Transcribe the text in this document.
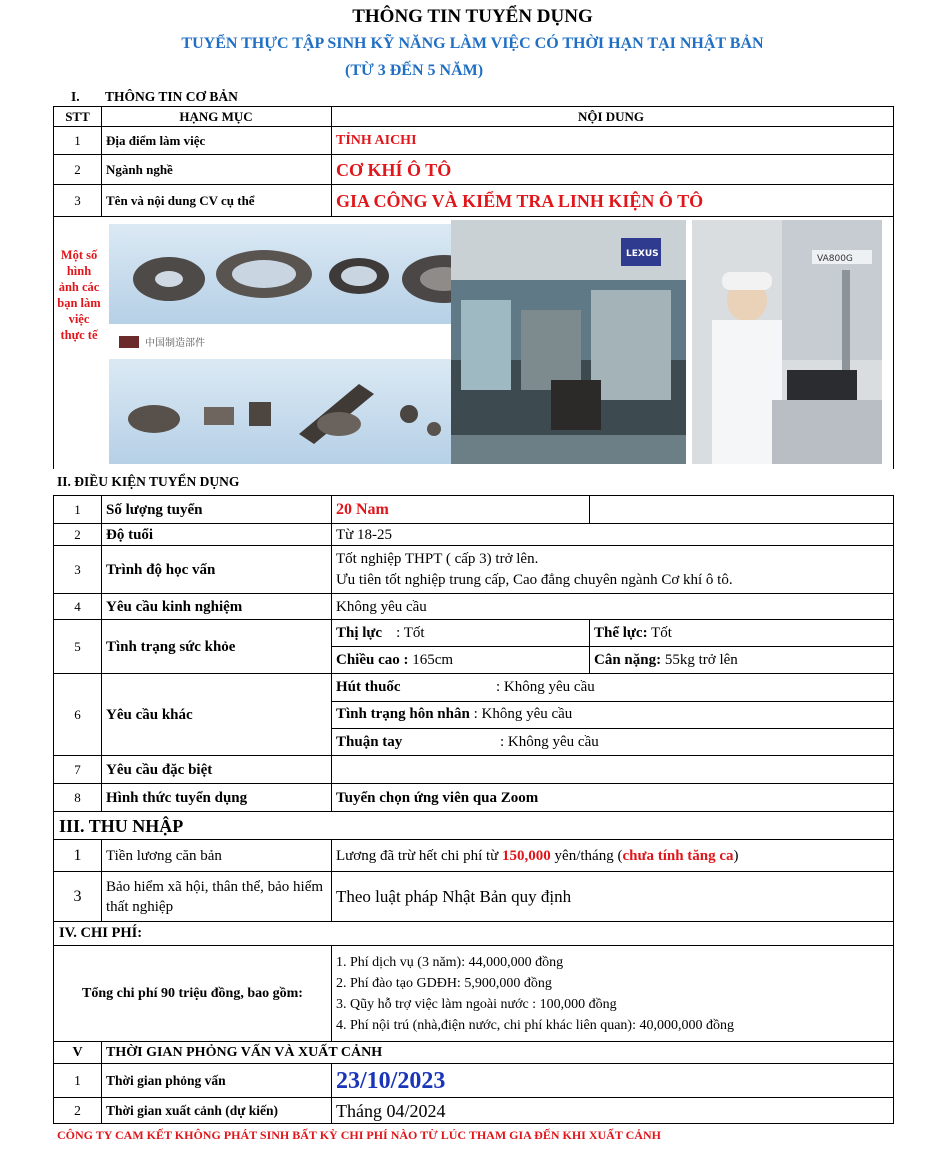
THÔNG TIN TUYỂN DỤNG
TUYỂN THỰC TẬP SINH KỸ NĂNG LÀM VIỆC CÓ THỜI HẠN TẠI NHẬT BẢN
(TỪ 3 ĐẾN 5 NĂM)
I. THÔNG TIN CƠ BẢN
STT	HẠNG MỤC	NỘI DUNG
1	Địa điểm làm việc	TỈNH AICHI
2	Ngành nghề	CƠ KHÍ Ô TÔ
3	Tên và nội dung CV cụ thể	GIA CÔNG VÀ KIỂM TRA LINH KIỆN Ô TÔ
Một số hình ảnh các bạn làm việc thực tế
中国制造部件
LEXUS	VA800G
II. ĐIỀU KIỆN TUYỂN DỤNG
1	Số lượng tuyển	20 Nam
2	Độ tuổi	Từ 18-25
3	Trình độ học vấn
Tốt nghiệp THPT ( cấp 3) trở lên.
Ưu tiên tốt nghiệp trung cấp, Cao đẳng chuyên ngành Cơ khí ô tô.
4	Yêu cầu kinh nghiệm	Không yêu cầu
5	Tình trạng sức khỏe
Thị lực : Tốt	Thể lực: Tốt
Chiều cao : 165cm	Cân nặng: 55kg trở lên
6	Yêu cầu khác
Hút thuốc	: Không yêu cầu
Tình trạng hôn nhân : Không yêu cầu
Thuận tay	: Không yêu cầu
7	Yêu cầu đặc biệt
8	Hình thức tuyển dụng	Tuyển chọn ứng viên qua Zoom
III. THU NHẬP
1	Tiền lương căn bản	Lương đã trừ hết chi phí từ 150,000 yên/tháng ( chưa tính tăng ca )
3
Bảo hiểm xã hội, thân thể, bảo hiểm thất nghiệp
Theo luật pháp Nhật Bản quy định
IV. CHI PHÍ:
Tổng chi phí 90 triệu đồng, bao gồm:
1. Phí dịch vụ (3 năm): 44,000,000 đồng
2. Phí đào tạo GDĐH: 5,900,000 đồng
3. Qũy hỗ trợ việc làm ngoài nước : 100,000 đồng
4. Phí nội trú (nhà,điện nước, chi phí khác liên quan): 40,000,000 đồng
V	THỜI GIAN PHỎNG VẤN VÀ XUẤT CẢNH
1	Thời gian phỏng vấn	23/10/2023
2	Thời gian xuất cảnh (dự kiến)	Tháng 04/2024
CÔNG TY CAM KẾT KHÔNG PHÁT SINH BẤT KỲ CHI PHÍ NÀO TỪ LÚC THAM GIA ĐẾN KHI XUẤT CẢNH
